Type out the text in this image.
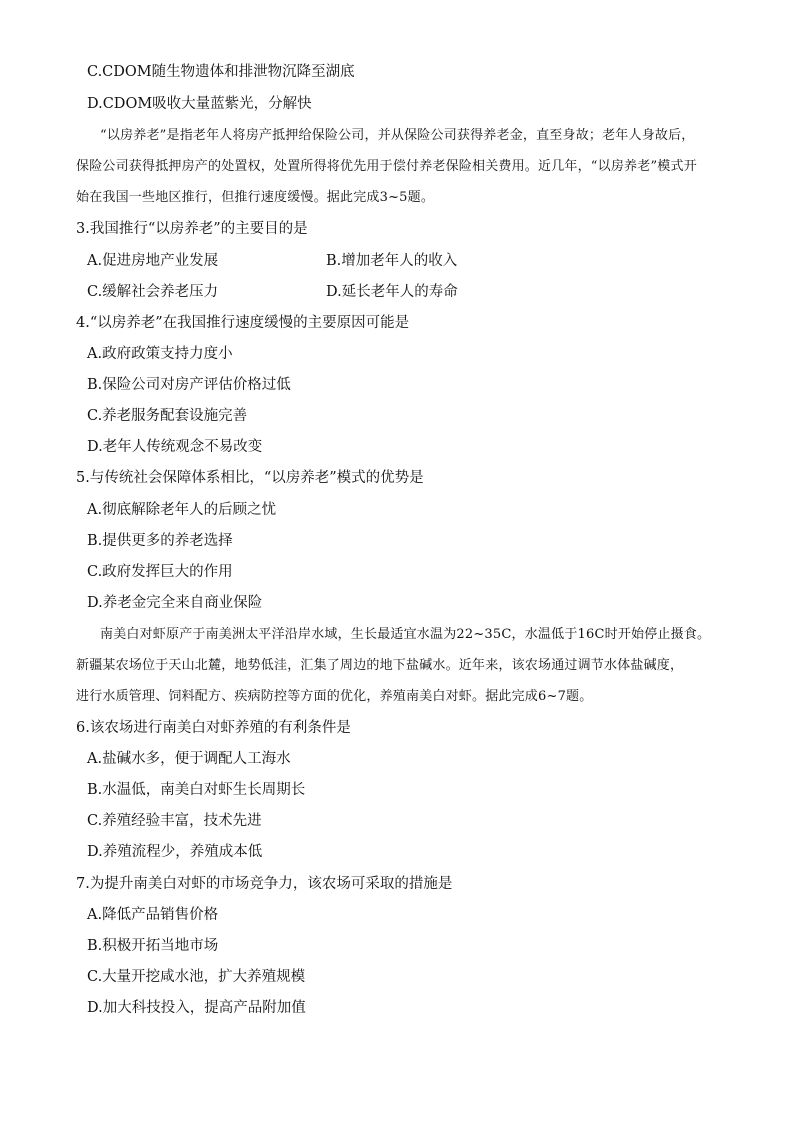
C.CDOM随生物遗体和排泄物沉降至湖底
D.CDOM吸收大量蓝紫光，分解快
“以房养老”是指老年人将房产抵押给保险公司，并从保险公司获得养老金，直至身故；老年人身故后，
保险公司获得抵押房产的处置权，处置所得将优先用于偿付养老保险相关费用。近几年，“以房养老”模式开
始在我国一些地区推行，但推行速度缓慢。据此完成3~5题。
3.我国推行“以房养老”的主要目的是
A.促进房地产业发展	B.增加老年人的收入
C.缓解社会养老压力	D.延长老年人的寿命
4.“以房养老”在我国推行速度缓慢的主要原因可能是
A.政府政策支持力度小
B.保险公司对房产评估价格过低
C.养老服务配套设施完善
D.老年人传统观念不易改变
5.与传统社会保障体系相比，“以房养老”模式的优势是
A.彻底解除老年人的后顾之忧
B.提供更多的养老选择
C.政府发挥巨大的作用
D.养老金完全来自商业保险
南美白对虾原产于南美洲太平洋沿岸水域，生长最适宜水温为22~35C，水温低于16C时开始停止摄食。
新疆某农场位于天山北麓，地势低洼，汇集了周边的地下盐碱水。近年来，该农场通过调节水体盐碱度，
进行水质管理、饲料配方、疾病防控等方面的优化，养殖南美白对虾。据此完成6~7题。
6.该农场进行南美白对虾养殖的有利条件是
A.盐碱水多，便于调配人工海水
B.水温低，南美白对虾生长周期长
C.养殖经验丰富，技术先进
D.养殖流程少，养殖成本低
7.为提升南美白对虾的市场竞争力，该农场可采取的措施是
A.降低产品销售价格
B.积极开拓当地市场
C.大量开挖咸水池，扩大养殖规模
D.加大科技投入，提高产品附加值
